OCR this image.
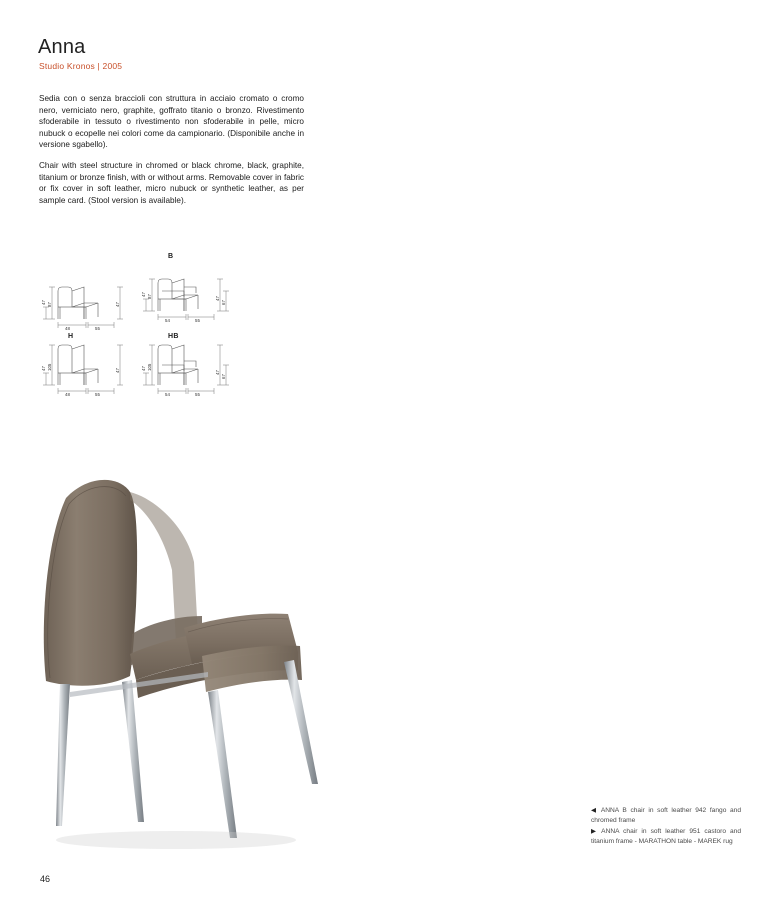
Anna
Studio Kronos | 2005
Sedia con o senza braccioli con struttura in acciaio cromato o cromo nero, verniciato nero, graphite, goffrato titanio o bronzo. Rivestimento sfoderabile in tessuto o rivestimento non sfoderabile in pelle, micro nubuck o ecopelle nei colori come da campionario. (Disponibile anche in versione sgabello).
Chair with steel structure in chromed or black chrome, black, graphite, titanium or bronze finish, with or without arms. Removable cover in fabric or fix cover in soft leather, micro nubuck or synthetic leather, as per sample card. (Stool version is available).
47 87
48	55
47
B
47 87
54	55
47
67
H
47 105
48	55
47
HB
47 105
54	55
47
67

◀ ANNA B chair in soft leather 942 fango and chromed frame

▶ ANNA chair in soft leather 951 castoro and titanium frame - MARATHON table - MAREK rug

46
